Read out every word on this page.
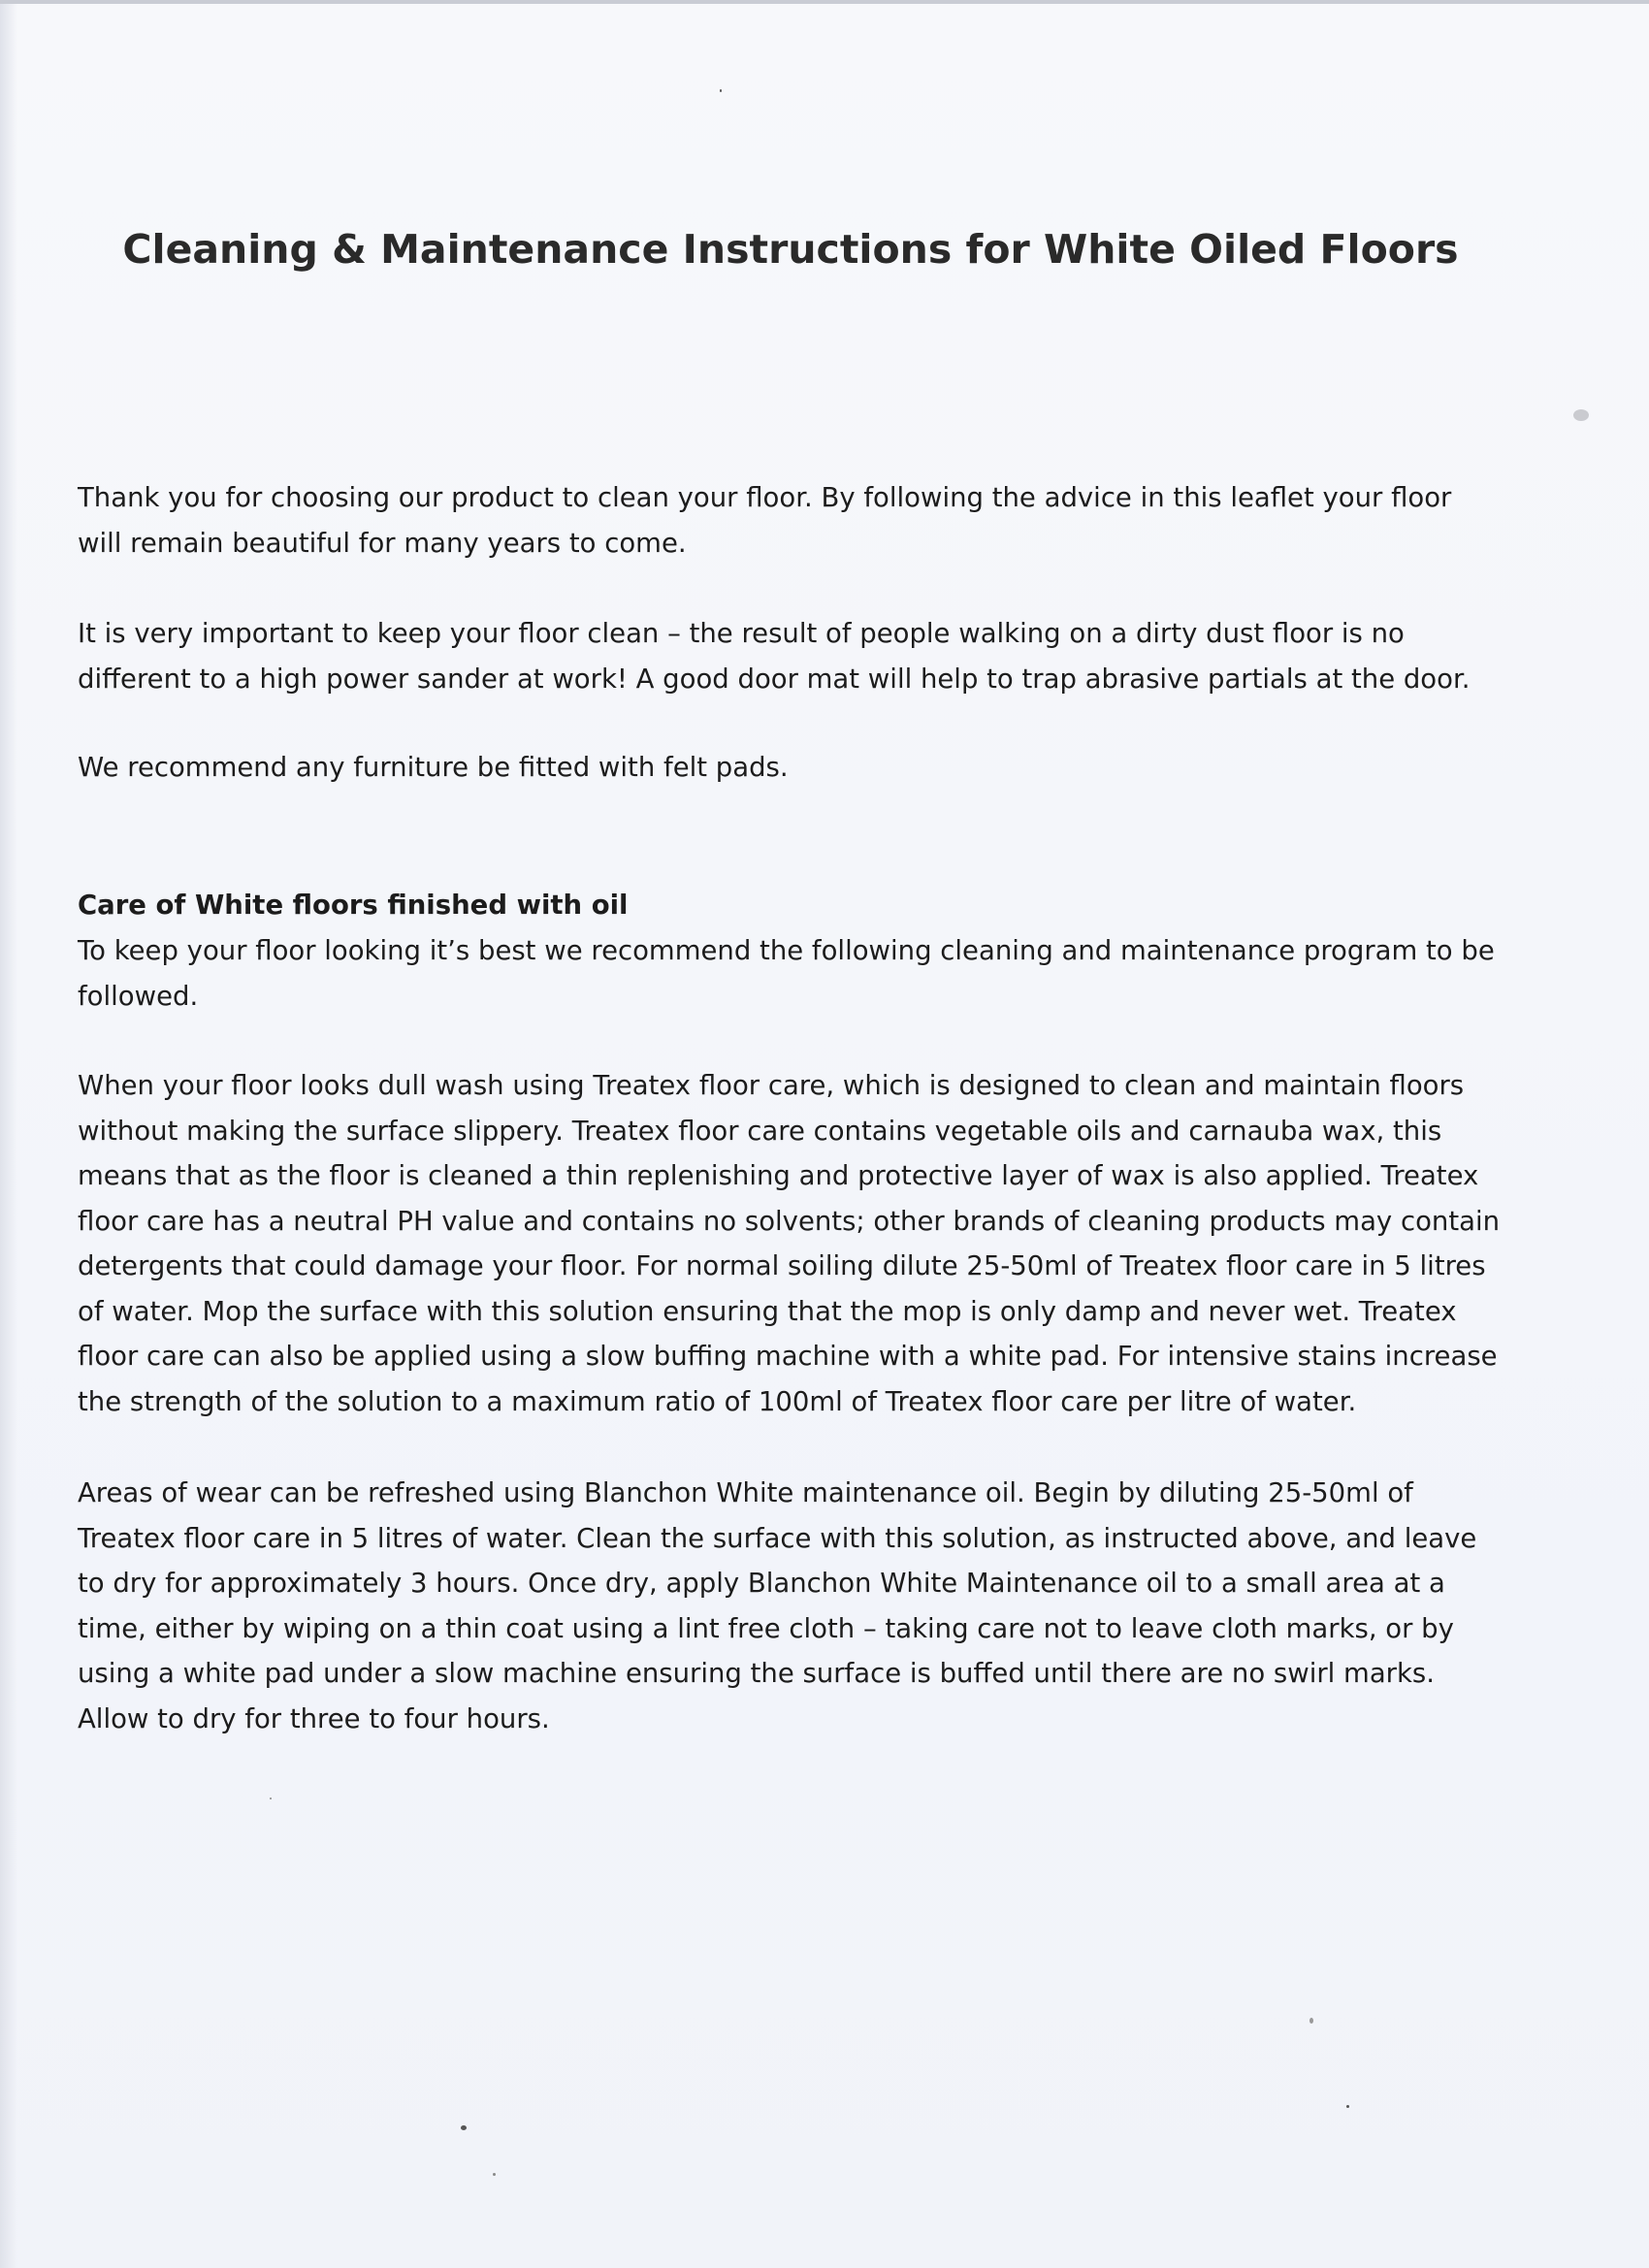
Cleaning & Maintenance Instructions for White Oiled Floors

Thank you for choosing our product to clean your floor. By following the advice in this leaflet your floor will remain beautiful for many years to come.

It is very important to keep your floor clean – the result of people walking on a dirty dust floor is no different to a high power sander at work! A good door mat will help to trap abrasive partials at the door.

We recommend any furniture be fitted with felt pads.

Care of White floors finished with oil

To keep your floor looking it’s best we recommend the following cleaning and maintenance program to be followed.

When your floor looks dull wash using Treatex floor care, which is designed to clean and maintain floors without making the surface slippery. Treatex floor care contains vegetable oils and carnauba wax, this means that as the floor is cleaned a thin replenishing and protective layer of wax is also applied. Treatex floor care has a neutral PH value and contains no solvents; other brands of cleaning products may contain detergents that could damage your floor. For normal soiling dilute 25-50ml of Treatex floor care in 5 litres of water. Mop the surface with this solution ensuring that the mop is only damp and never wet. Treatex floor care can also be applied using a slow buffing machine with a white pad. For intensive stains increase the strength of the solution to a maximum ratio of 100ml of Treatex floor care per litre of water.

Areas of wear can be refreshed using Blanchon White maintenance oil. Begin by diluting 25-50ml of Treatex floor care in 5 litres of water. Clean the surface with this solution, as instructed above, and leave to dry for approximately 3 hours. Once dry, apply Blanchon White Maintenance oil to a small area at a time, either by wiping on a thin coat using a lint free cloth – taking care not to leave cloth marks, or by using a white pad under a slow machine ensuring the surface is buffed until there are no swirl marks. Allow to dry for three to four hours.
